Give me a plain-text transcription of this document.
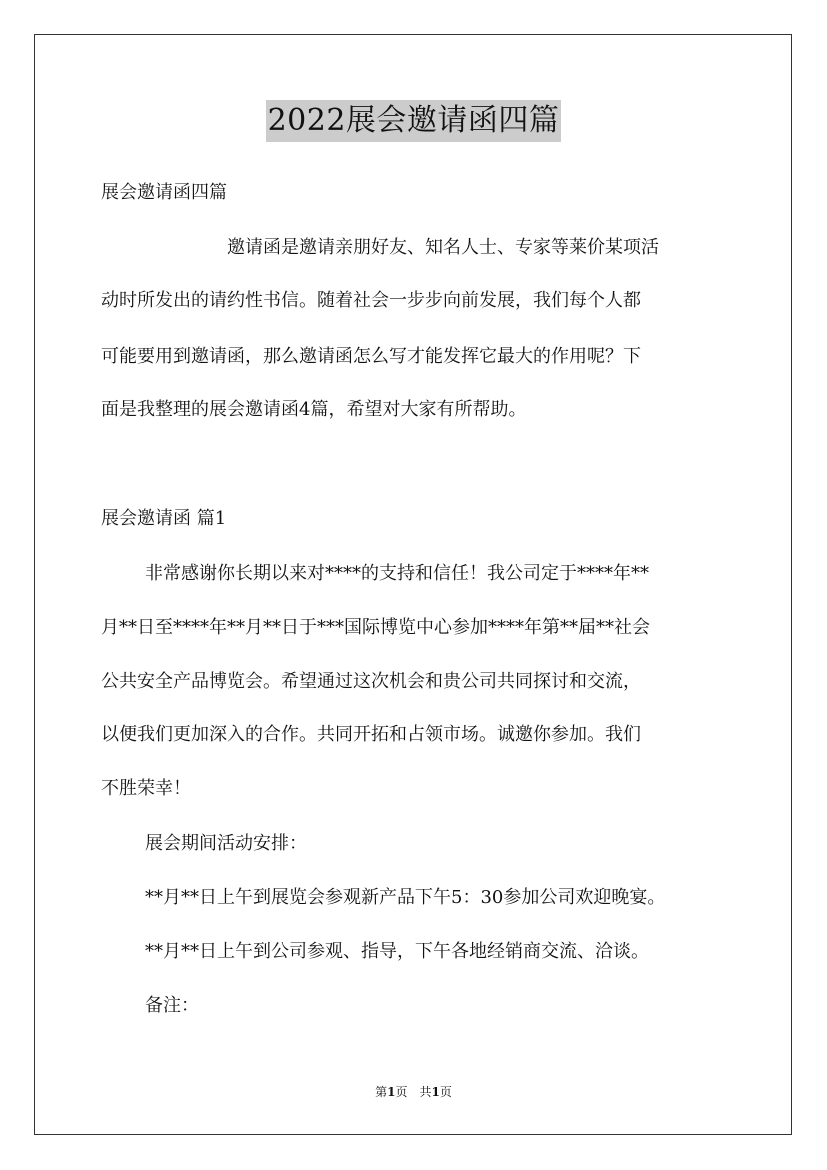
2022展会邀请函四篇
展会邀请函四篇
邀请函是邀请亲朋好友、知名人士、专家等莱价某项活
动时所发出的请约性书信。随着社会一步步向前发展，我们每个人都
可能要用到邀请函，那么邀请函怎么写才能发挥它最大的作用呢？下
面是我整理的展会邀请函4篇，希望对大家有所帮助。
展会邀请函 篇1
非常感谢你长期以来对****的支持和信任！我公司定于****年**
月**日至****年**月**日于***国际博览中心参加****年第**届**社会
公共安全产品博览会。希望通过这次机会和贵公司共同探讨和交流，
以便我们更加深入的合作。共同开拓和占领市场。诚邀你参加。我们
不胜荣幸！
展会期间活动安排：
**月**日上午到展览会参观新产品下午5：30参加公司欢迎晚宴。
**月**日上午到公司参观、指导，下午各地经销商交流、洽谈。
备注：
第1页　共1页
